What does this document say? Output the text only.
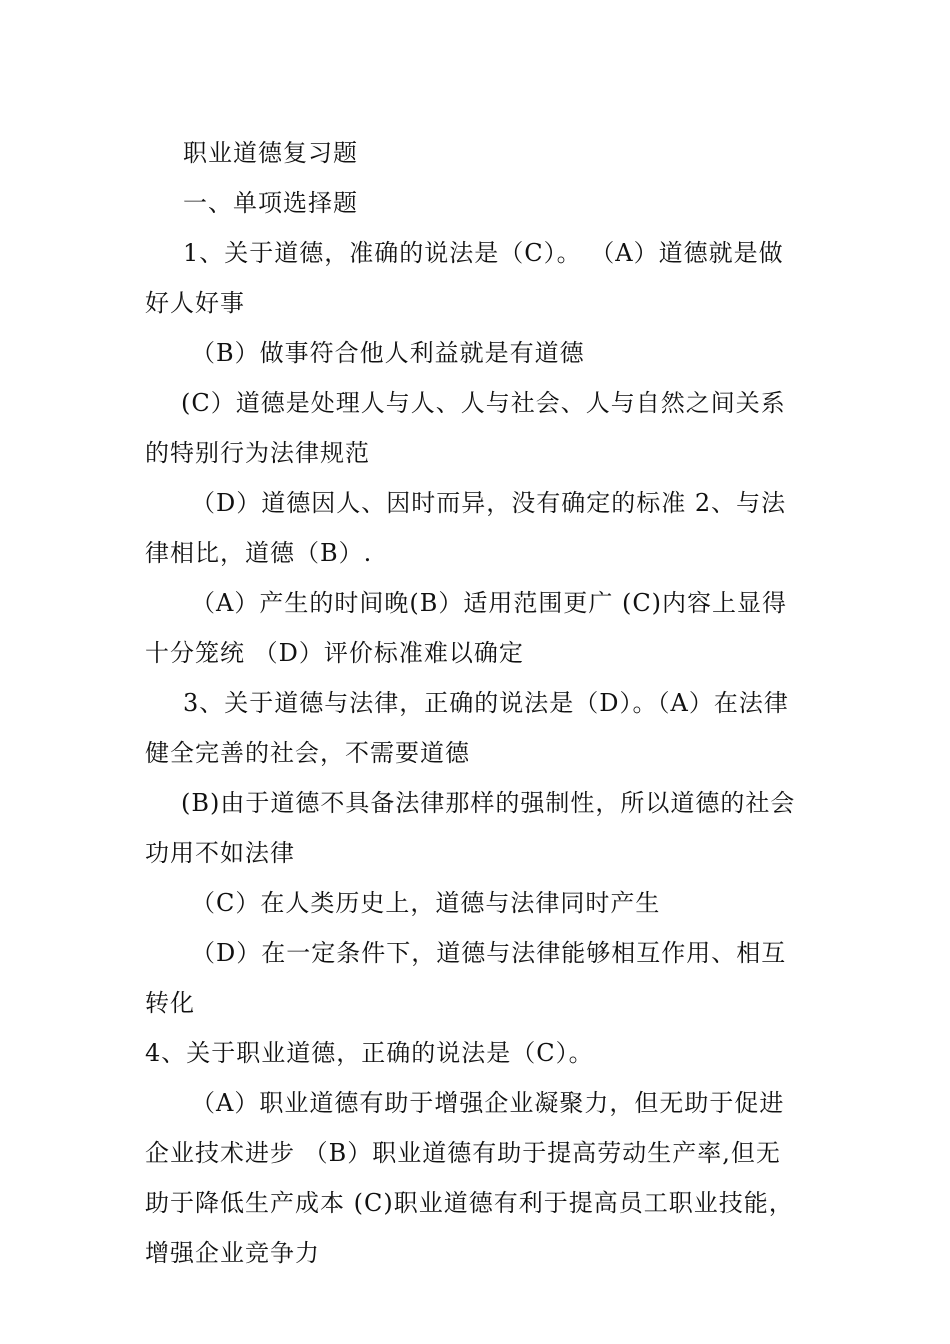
职业道德复习题

一、单项选择题

1、关于道德，准确的说法是（C）。 （A）道德就是做好人好事

（B）做事符合他人利益就是有道德

(C）道德是处理人与人、人与社会、人与自然之间关系的特别行为法律规范

（D）道德因人、因时而异，没有确定的标准 2、与法律相比，道德（B）.

（A）产生的时间晚(B）适用范围更广 (C)内容上显得十分笼统 （D）评价标准难以确定

3、关于道德与法律，正确的说法是（D）。（A）在法律健全完善的社会，不需要道德

(B)由于道德不具备法律那样的强制性，所以道德的社会功用不如法律

（C）在人类历史上，道德与法律同时产生

（D）在一定条件下，道德与法律能够相互作用、相互转化

4、关于职业道德，正确的说法是（C）。

（A）职业道德有助于增强企业凝聚力，但无助于促进企业技术进步 （B）职业道德有助于提高劳动生产率,但无助于降低生产成本 (C)职业道德有利于提高员工职业技能，增强企业竞争力
